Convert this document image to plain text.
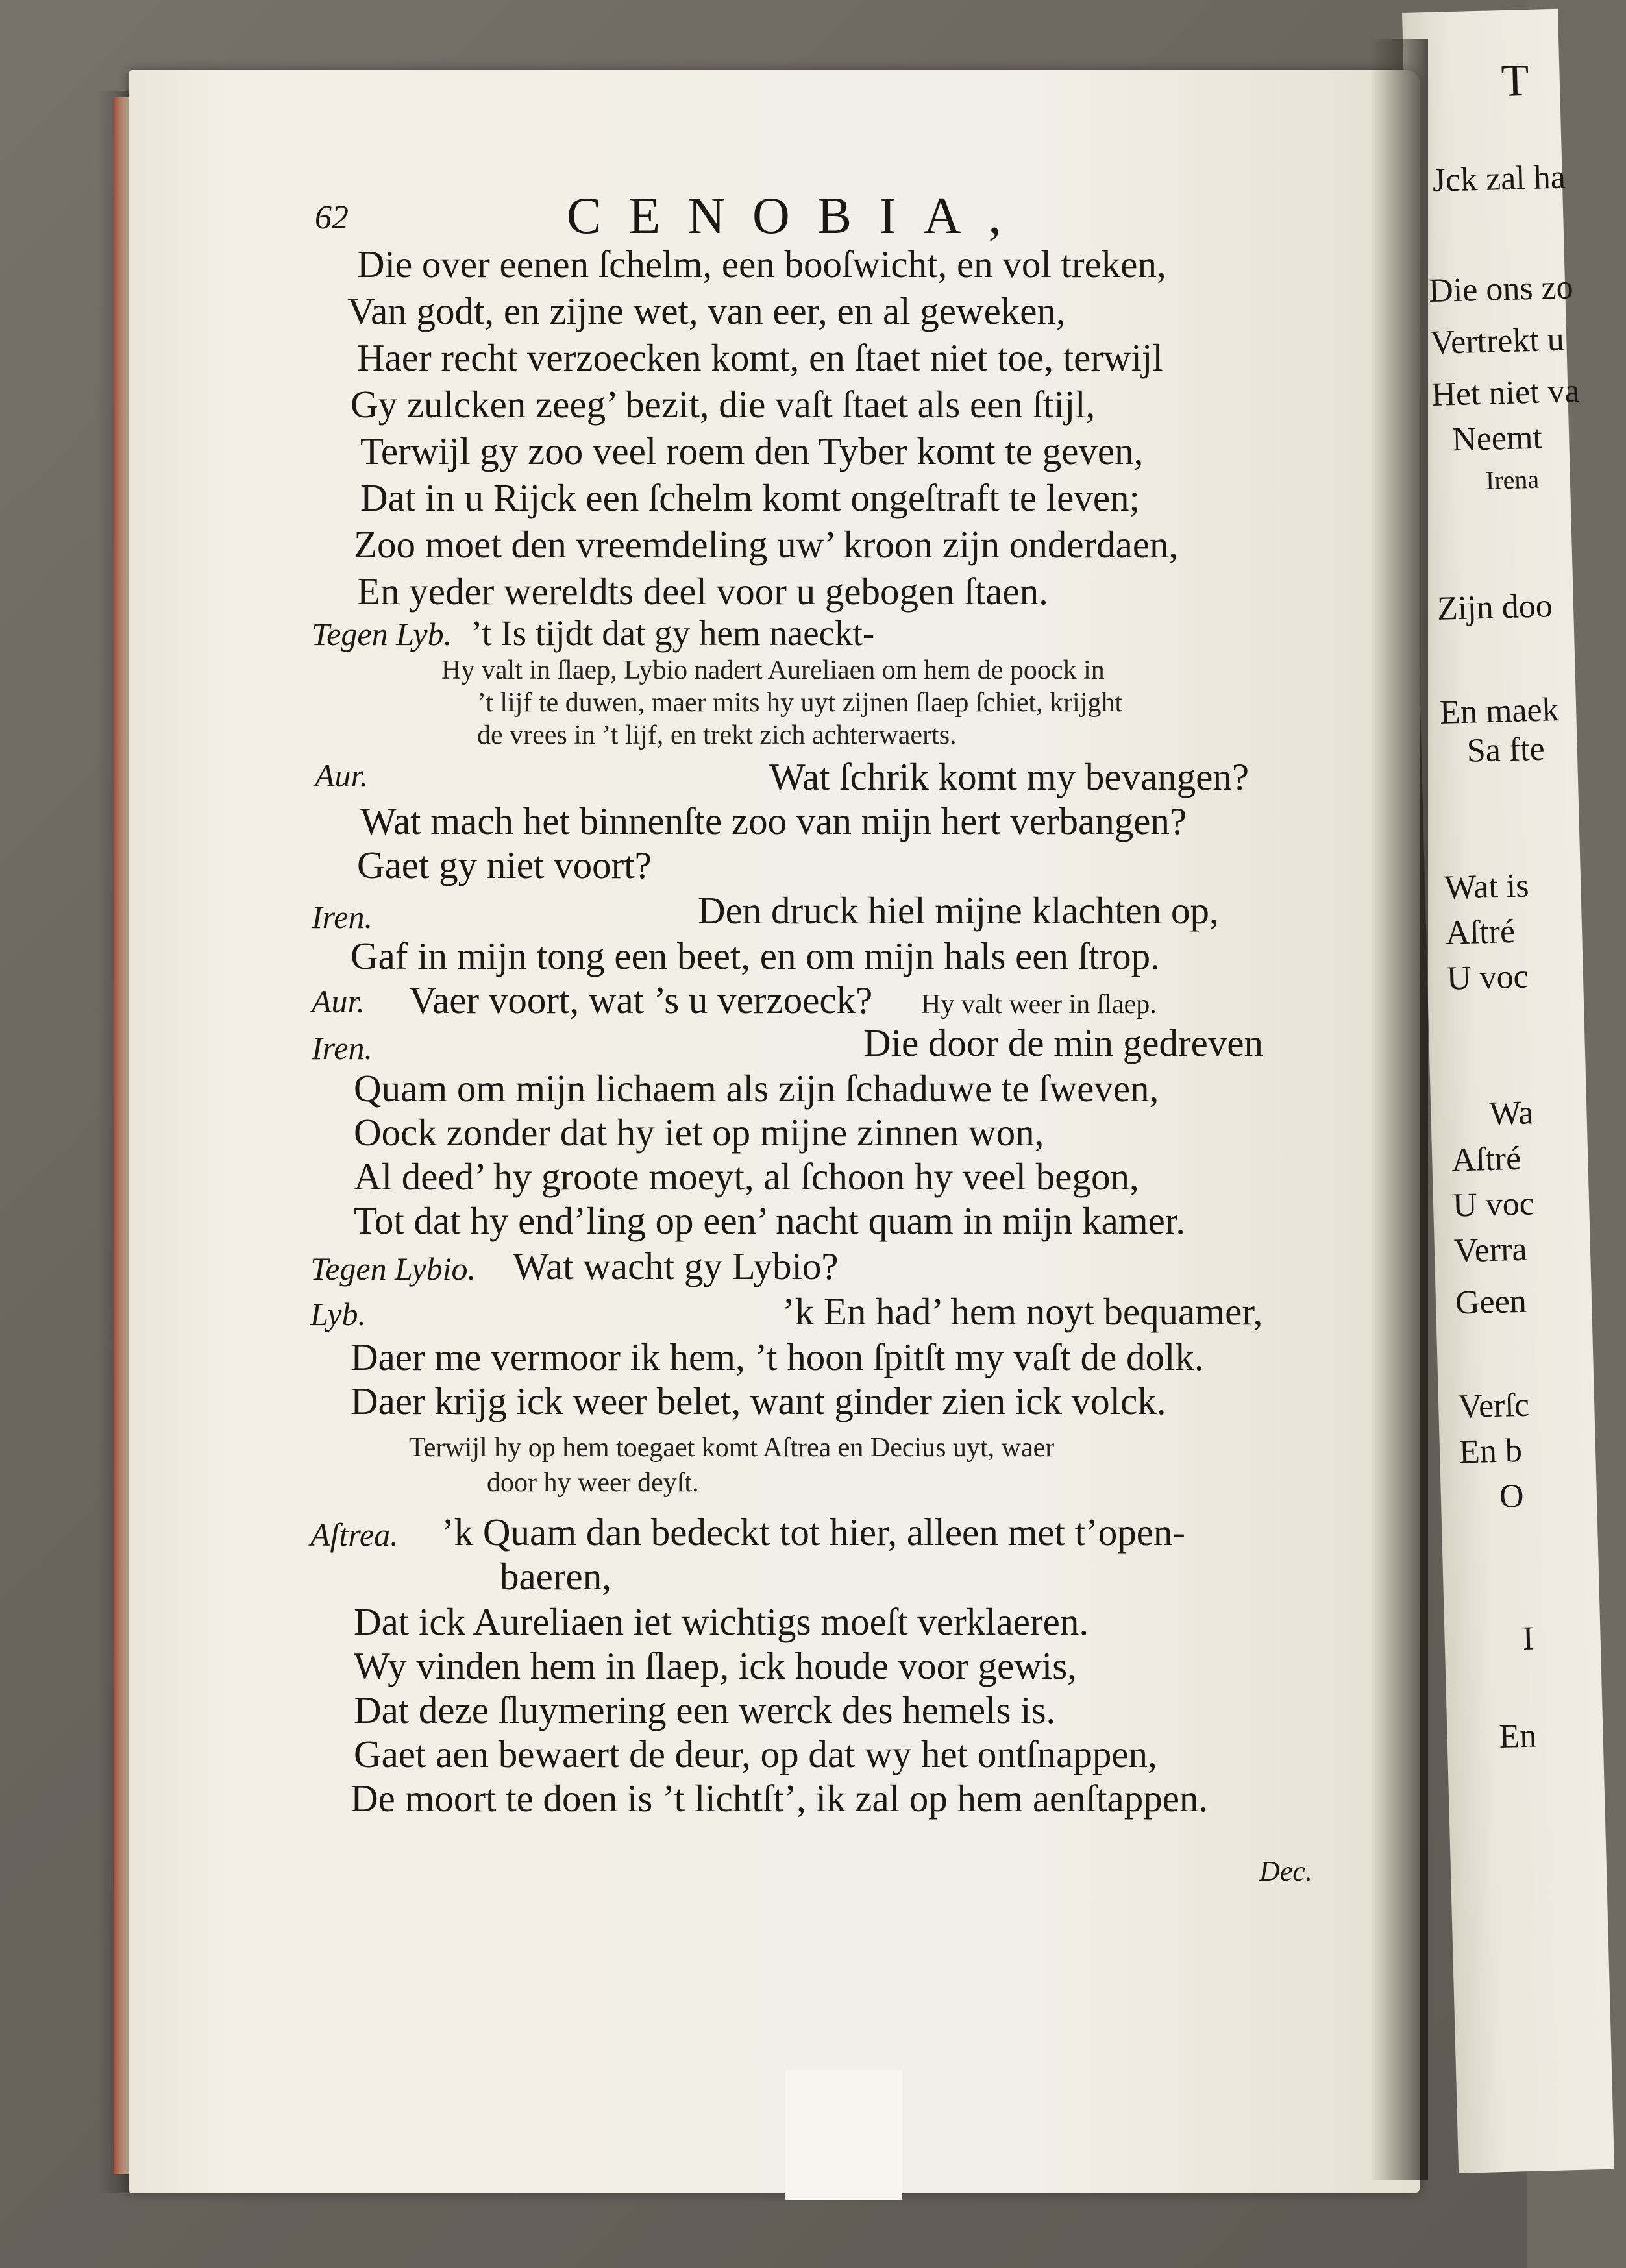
T
Jck zal ha
Die ons zo
Vertrekt u
Het niet va
Neemt
Irena
Zijn doo
En maek
Sa fte
Wat is
Aſtré
U voc
Wa
Aſtré
U voc
Verra
Geen
Verſc
En b
O
I
En
62	CENOBIA,
Die over eenen ſchelm, een booſwicht, en vol treken,
Van godt, en zijne wet, van eer, en al geweken,
Haer recht verzoecken komt, en ſtaet niet toe, terwijl
Gy zulcken zeeg’ bezit, die vaſt ſtaet als een ſtijl,
Terwijl gy zoo veel roem den Tyber komt te geven,
Dat in u Rijck een ſchelm komt ongeſtraft te leven;
Zoo moet den vreemdeling uw’ kroon zijn onderdaen,
En yeder wereldts deel voor u gebogen ſtaen.
Tegen Lyb. ’t Is tijdt dat gy hem naeckt-
Hy valt in ſlaep, Lybio nadert Aureliaen om hem de poock in
’t lijf te duwen, maer mits hy uyt zijnen ſlaep ſchiet, krijght
de vrees in ’t lijf, en trekt zich achterwaerts.
Aur.	Wat ſchrik komt my bevangen?
Wat mach het binnenſte zoo van mijn hert verbangen?
Gaet gy niet voort?
Iren.	Den druck hiel mijne klachten op,
Gaf in mijn tong een beet, en om mijn hals een ſtrop.
Aur. Vaer voort, wat ’s u verzoeck? Hy valt weer in ſlaep.
Iren.	Die door de min gedreven
Quam om mijn lichaem als zijn ſchaduwe te ſweven,
Oock zonder dat hy iet op mijne zinnen won,
Al deed’ hy groote moeyt, al ſchoon hy veel begon,
Tot dat hy end’ling op een’ nacht quam in mijn kamer.
Tegen Lybio. Wat wacht gy Lybio?
Lyb.	’k En had’ hem noyt bequamer,
Daer me vermoor ik hem, ’t hoon ſpitſt my vaſt de dolk.
Daer krijg ick weer belet, want ginder zien ick volck.
Terwijl hy op hem toegaet komt Aſtrea en Decius uyt, waer
door hy weer deyſt.
Aſtrea. ’k Quam dan bedeckt tot hier, alleen met t’open-
baeren,
Dat ick Aureliaen iet wichtigs moeſt verklaeren.
Wy vinden hem in ſlaep, ick houde voor gewis,
Dat deze ſluymering een werck des hemels is.
Gaet aen bewaert de deur, op dat wy het ontſnappen,
De moort te doen is ’t lichtſt’, ik zal op hem aenſtappen.
Dec.
